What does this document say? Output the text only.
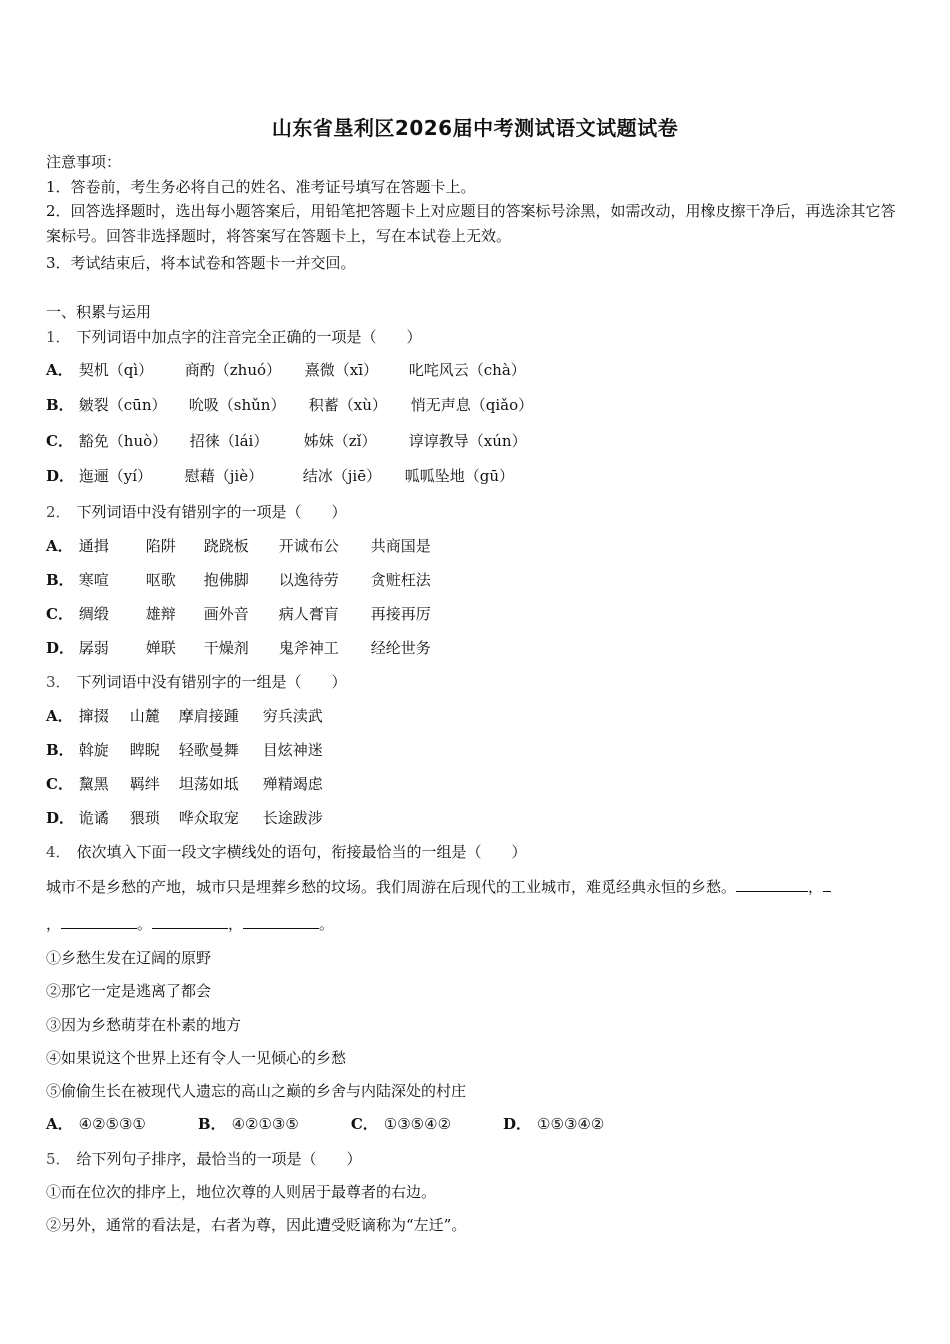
山东省垦利区2026届中考测试语文试题试卷
注意事项：
1．答卷前，考生务必将自己的姓名、准考证号填写在答题卡上。
2．回答选择题时，选出每小题答案后，用铅笔把答题卡上对应题目的答案标号涂黑，如需改动，用橡皮擦干净后，再选涂其它答案标号。回答非选择题时，将答案写在答题卡上，写在本试卷上无效。
3．考试结束后，将本试卷和答题卡一并交回。
一、积累与运用
1． 下列词语中加点字的注音完全正确的一项是（　　）
A． 契机（qì） 商酌（zhuó） 熹微（xī） 叱咤风云（chà）
B． 皴裂（cūn） 吮吸（shǔn） 积蓄（xù） 悄无声息（qiǎo）
C． 豁免（huò） 招徕（lái） 姊妹（zǐ） 谆谆教导（xún）
D． 迤逦（yí） 慰藉（jiè）	结冰（jiē） 呱呱坠地（gū）
2． 下列词语中没有错别字的一项是（　　）
A． 通揖 陷阱 跷跷板 开诚布公 共商国是
B． 寒喧 呕歌 抱佛脚 以逸待劳 贪赃枉法
C． 绸缎 雄辩 画外音 病人膏肓 再接再厉
D． 孱弱 婵联 干燥剂 鬼斧神工 经纶世务
3． 下列词语中没有错别字的一组是（　　）
A． 撺掇 山麓 摩肩接踵 穷兵渎武
B． 斡旋 睥睨 轻歌曼舞 目炫神迷
C． 黧黑 羁绊 坦荡如坻 殚精竭虑
D． 诡谲 猥琐 哗众取宠 长途跋涉
4． 依次填入下面一段文字横线处的语句，衔接最恰当的一组是（　　）
城市不是乡愁的产地，城市只是埋葬乡愁的坟场。我们周游在后现代的工业城市，难觅经典永恒的乡愁。	，
，	。	，	。
①乡愁生发在辽阔的原野
②那它一定是逃离了都会
③因为乡愁萌芽在朴素的地方
④如果说这个世界上还有令人一见倾心的乡愁
⑤偷偷生长在被现代人遗忘的高山之巅的乡舍与内陆深处的村庄
A． ④②⑤③①	B． ④②①③⑤	C． ①③⑤④②	D． ①⑤③④②
5． 给下列句子排序，最恰当的一项是（　　）
①而在位次的排序上，地位次尊的人则居于最尊者的右边。
②另外，通常的看法是，右者为尊，因此遭受贬谪称为“左迁”。
